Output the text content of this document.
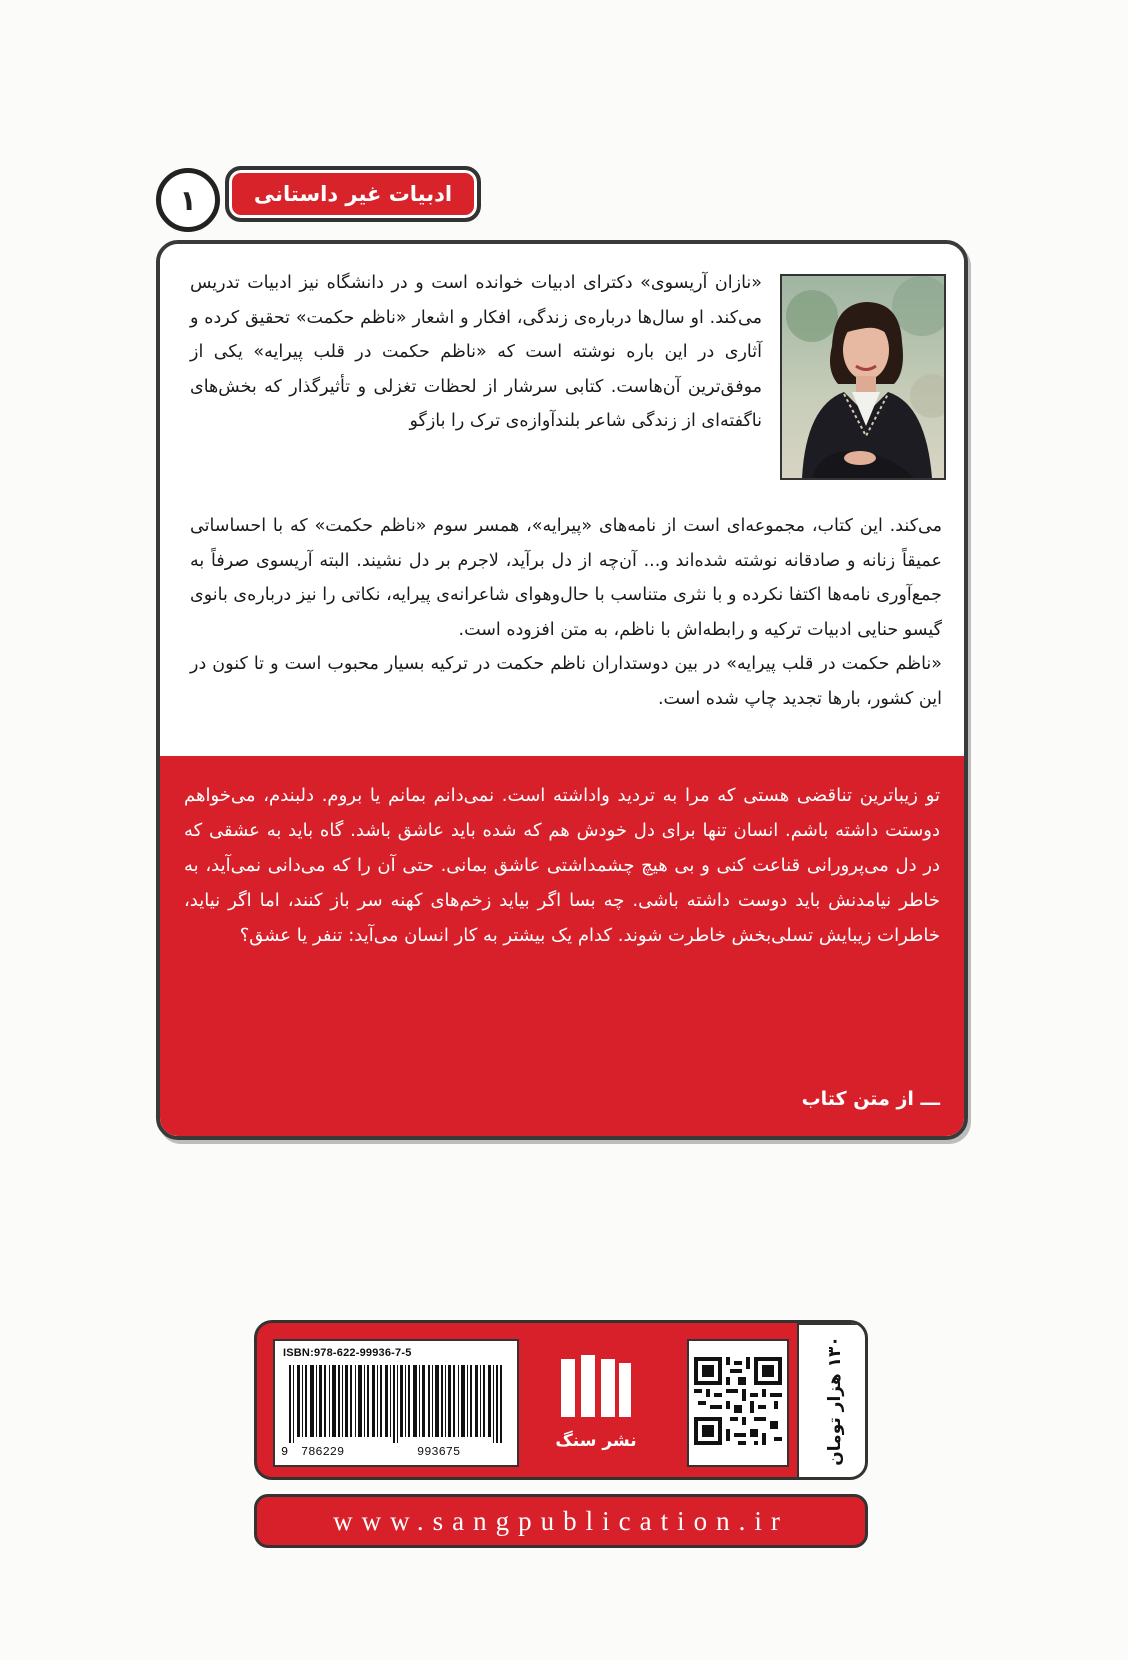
۱	ادبیات غیر داستانی

«نازان آریسوی» دکترای ادبیات خوانده است و در دانشگاه نیز ادبیات تدریس می‌کند. او سال‌ها درباره‌ی زندگی، افکار و اشعار «ناظم حکمت» تحقیق کرده و آثاری در این باره نوشته است که «ناظم حکمت در قلب پیرایه» یکی از موفق‌ترین آن‌هاست. کتابی سرشار از لحظات تغزلی و تأثیرگذار که بخش‌های ناگفته‌ای از زندگی شاعر بلندآوازه‌ی ترک را بازگو

می‌کند. این کتاب، مجموعه‌ای است از نامه‌های «پیرایه»، همسر سوم «ناظم حکمت» که با احساساتی عمیقاً زنانه و صادقانه نوشته شده‌اند و... آن‌چه از دل برآید، لاجرم بر دل نشیند. البته آریسوی صرفاً به جمع‌آوری نامه‌ها اکتفا نکرده و با نثری متناسب با حال‌وهوای شاعرانه‌ی پیرایه، نکاتی را نیز درباره‌ی بانوی گیسو حنایی ادبیات ترکیه و رابطه‌اش با ناظم، به متن افزوده است.

«ناظم حکمت در قلب پیرایه» در بین دوستداران ناظم حکمت در ترکیه بسیار محبوب است و تا کنون در این کشور، بارها تجدید چاپ شده است.

تو زیباترین تناقضی هستی که مرا به تردید واداشته است. نمی‌دانم بمانم یا بروم. دلبندم، می‌خواهم دوستت داشته باشم. انسان تنها برای دل خودش هم که شده باید عاشق باشد. گاه باید به عشقی که در دل می‌پرورانی قناعت کنی و بی هیچ چشمداشتی عاشق بمانی. حتی آن را که می‌دانی نمی‌آید، به خاطر نیامدنش باید دوست داشته باشی. چه بسا اگر بیاید زخم‌های کهنه سر باز کنند، اما اگر نیاید، خاطرات زیبایش تسلی‌بخش خاطرت شوند. کدام یک بیشتر به کار انسان می‌آید: تنفر یا عشق؟

ـــ از متن کتاب
ISBN:978-622-99936-7-5
9 786229	993675
نشر سنگ	۱۳۰ هزار تومان
www.sangpublication.ir
